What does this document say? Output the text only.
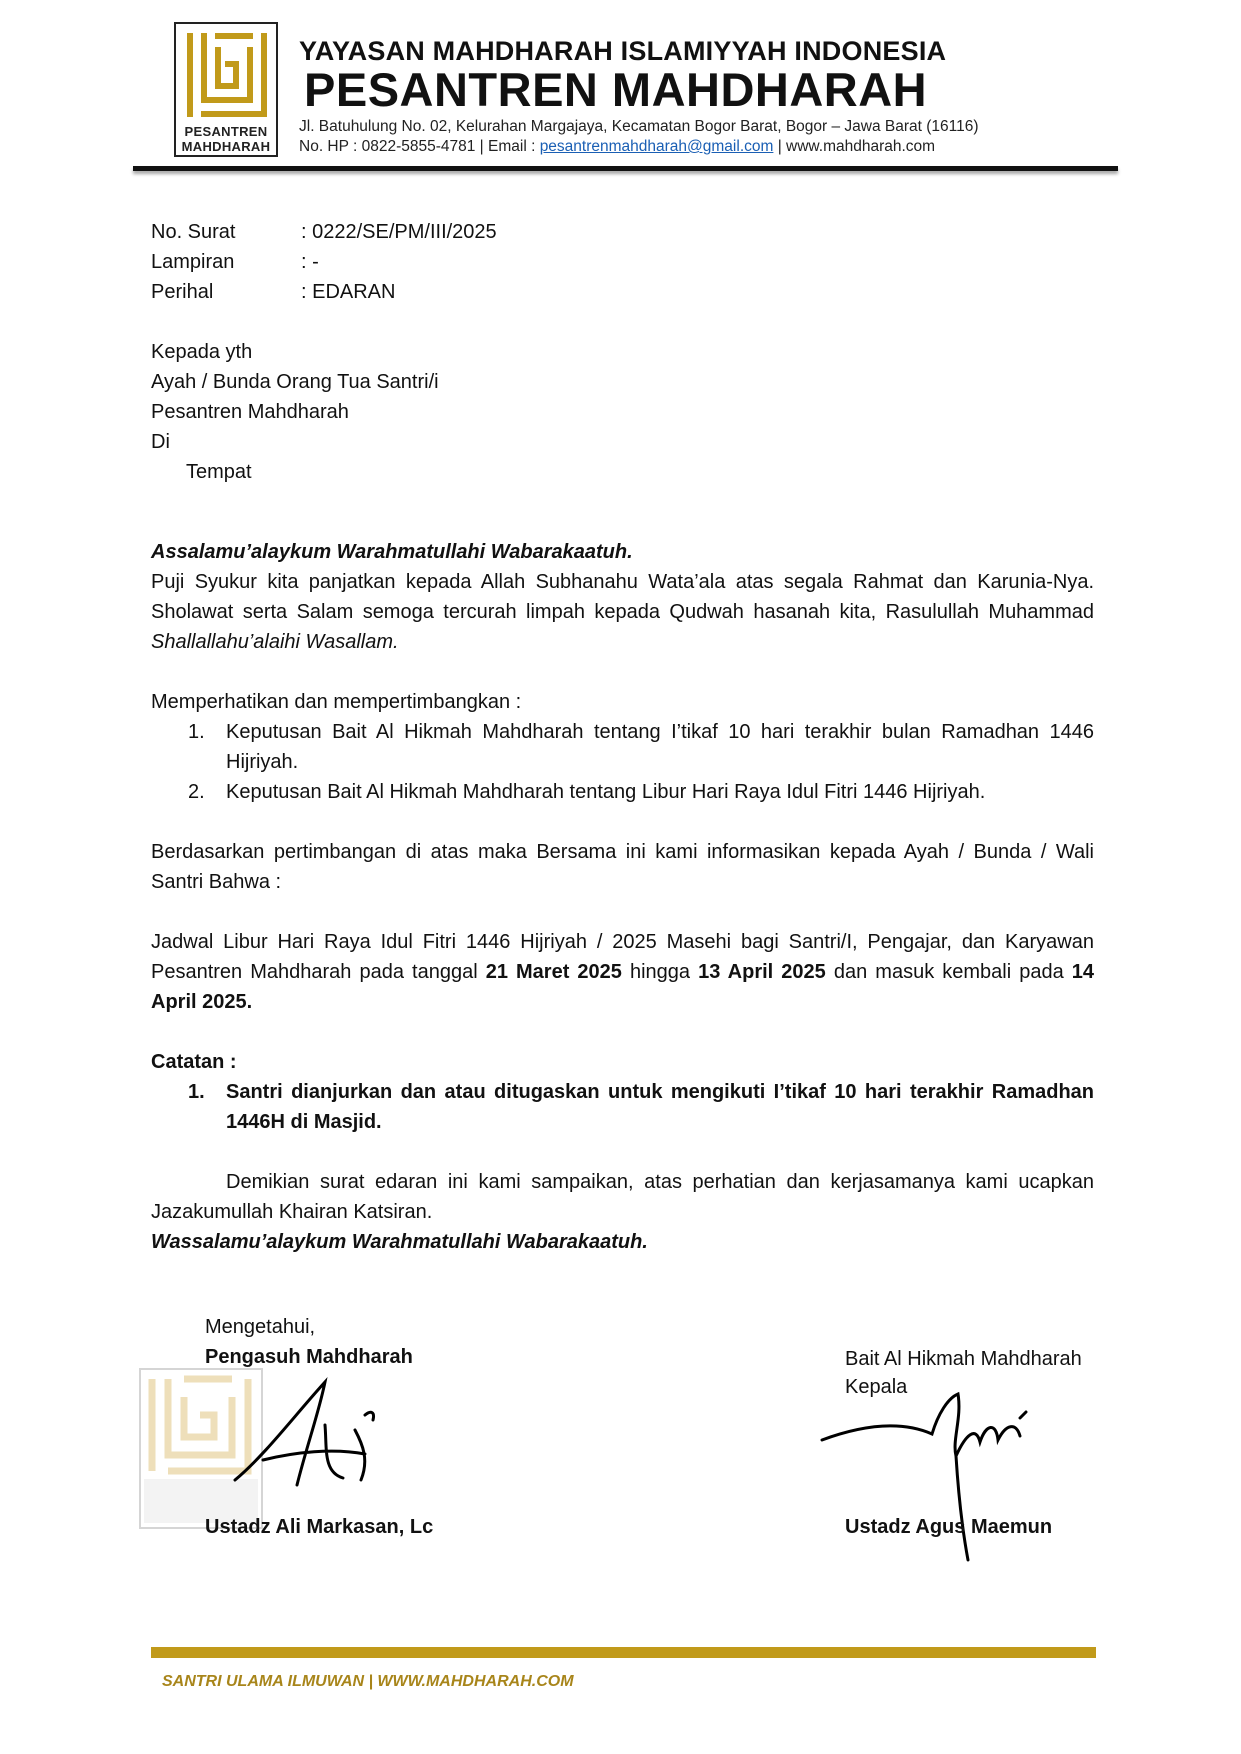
PESANTREN
MAHDHARAH
YAYASAN MAHDHARAH ISLAMIYYAH INDONESIA
PESANTREN MAHDHARAH
Jl. Batuhulung No. 02, Kelurahan Margajaya, Kecamatan Bogor Barat, Bogor – Jawa Barat (16116)
No. HP : 0822-5855-4781 | Email : pesantrenmahdharah@gmail.com | www.mahdharah.com
No. Surat	: 0222/SE/PM/III/2025
Lampiran	: -
Perihal	: EDARAN
Kepada yth
Ayah / Bunda Orang Tua Santri/i
Pesantren Mahdharah
Di
Tempat
Assalamu’alaykum Warahmatullahi Wabarakaatuh.
Puji Syukur kita panjatkan kepada Allah Subhanahu Wata’ala atas segala Rahmat dan Karunia-Nya. Sholawat serta Salam semoga tercurah limpah kepada Qudwah hasanah kita, Rasulullah Muhammad Shallallahu’alaihi Wasallam.
Memperhatikan dan mempertimbangkan :
1. Keputusan Bait Al Hikmah Mahdharah tentang I’tikaf 10 hari terakhir bulan Ramadhan 1446 Hijriyah.
2. Keputusan Bait Al Hikmah Mahdharah tentang Libur Hari Raya Idul Fitri 1446 Hijriyah.
Berdasarkan pertimbangan di atas maka Bersama ini kami informasikan kepada Ayah / Bunda / Wali Santri Bahwa :
Jadwal Libur Hari Raya Idul Fitri 1446 Hijriyah / 2025 Masehi bagi Santri/I, Pengajar, dan Karyawan Pesantren Mahdharah pada tanggal 21 Maret 2025 hingga 13 April 2025 dan masuk kembali pada 14 April 2025.
Catatan :
1. Santri dianjurkan dan atau ditugaskan untuk mengikuti I’tikaf 10 hari terakhir Ramadhan 1446H di Masjid.
Demikian surat edaran ini kami sampaikan, atas perhatian dan kerjasamanya kami ucapkan Jazakumullah Khairan Katsiran.
Wassalamu’alaykum Warahmatullahi Wabarakaatuh.
Mengetahui,
Pengasuh Mahdharah
Ustadz Ali Markasan, Lc
Bait Al Hikmah Mahdharah
Kepala
Ustadz Agus Maemun
SANTRI ULAMA ILMUWAN | WWW.MAHDHARAH.COM
